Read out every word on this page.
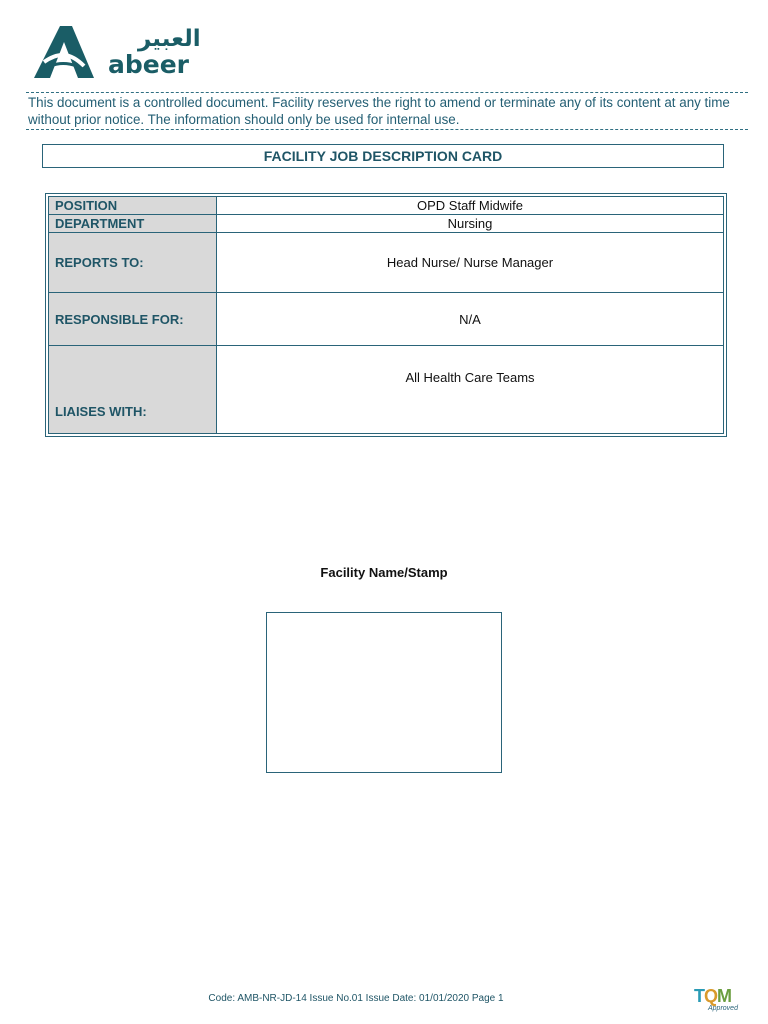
العبير
abeer
This document is a controlled document. Facility reserves the right to amend or terminate any of its content at any time without prior notice. The information should only be used for internal use.
FACILITY JOB DESCRIPTION CARD
POSITION	OPD Staff Midwife
DEPARTMENT	Nursing
REPORTS TO:	Head Nurse/ Nurse Manager
RESPONSIBLE FOR:	N/A
LIAISES WITH:	All Health Care Teams
Facility Name/Stamp
Code: AMB-NR-JD-14 Issue No.01 Issue Date: 01/01/2020 Page 1	T Q
M
Approved
